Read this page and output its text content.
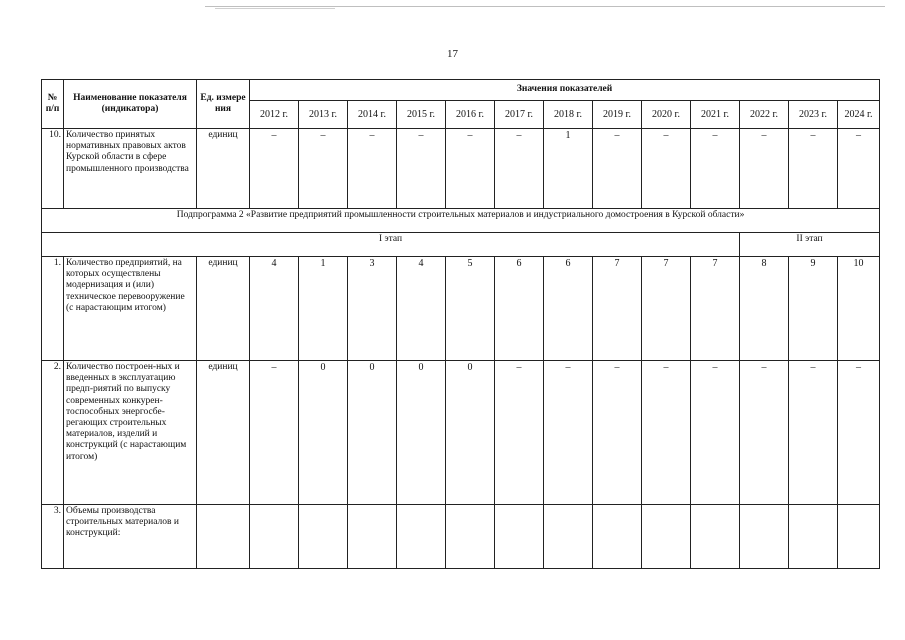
17
№ п/п	Наименование показателя (индикатора)	Ед. измере ния	Значения показателей												
			2012 г.	2013 г.	2014 г.	2015 г.	2016 г.	2017 г.	2018 г.	2019 г.	2020 г.	2021 г.	2022 г.	2023 г.	2024 г.
10.	Количество принятых нормативных правовых актов Курской области в сфере промышленного производства	единиц	–	–	–	–	–	–	1	–	–	–	–	–	–
Подпрограмма 2 «Развитие предприятий промышленности строительных материалов и индустриального домостроения в Курской области»															
I этап													II этап		
1.	Количество предприятий, на которых осуществлены модернизация и (или) техническое перевооружение (с нарастающим итогом)	единиц	4	1	3	4	5	6	6	7	7	7	8	9	10
2.	Количество построен-ных и введенных в эксплуатацию предп-риятий по выпуску современных конкурен-тоспособных энергосбе-регающих строительных материалов, изделий и конструкций (с нарастающим итогом)	единиц	–	0	0	0	0	–	–	–	–	–	–	–	–
3.	Объемы производства строительных материалов и конструкций:														
